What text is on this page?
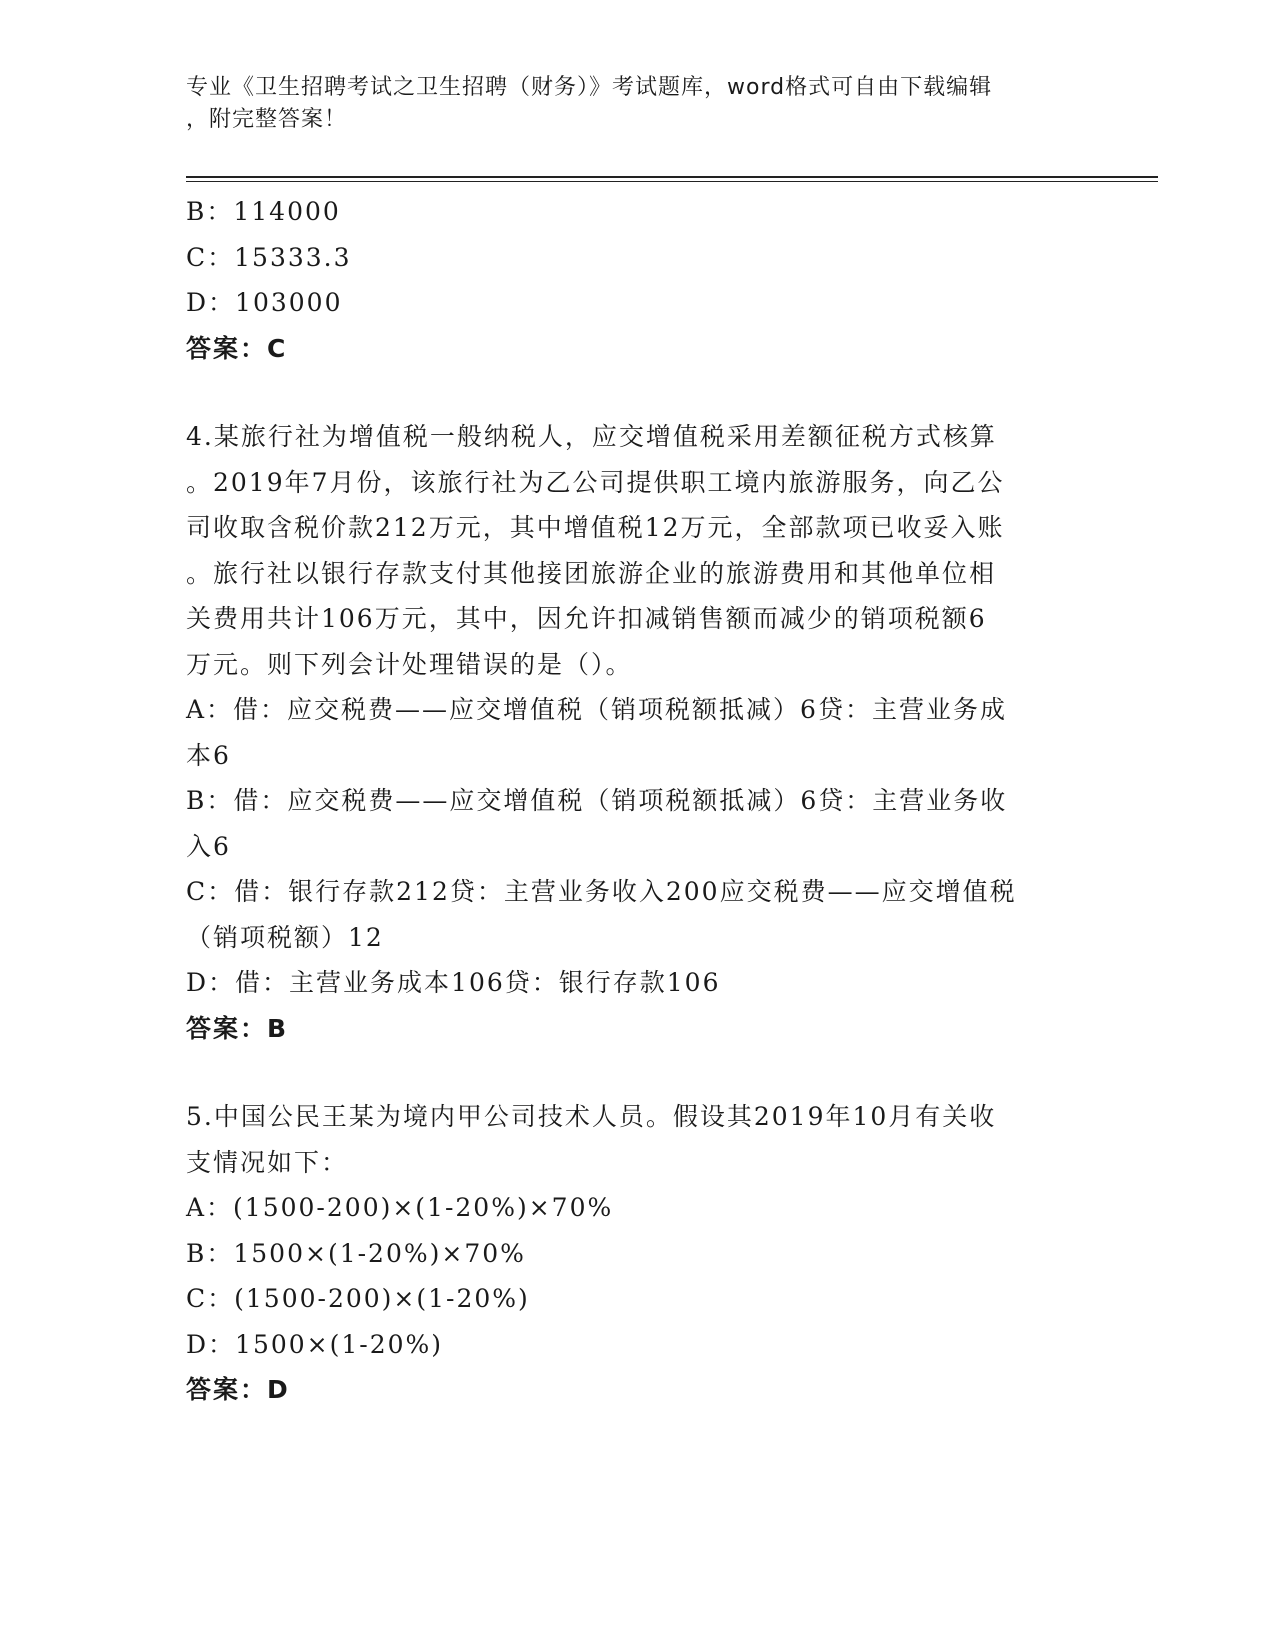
专业《卫生招聘考试之卫生招聘（财务）》考试题库，word格式可自由下载编辑
，附完整答案！
B：114000
C：15333.3
D：103000
答案：C
4.某旅行社为增值税一般纳税人，应交增值税采用差额征税方式核算
。2019年7月份，该旅行社为乙公司提供职工境内旅游服务，向乙公
司收取含税价款212万元，其中增值税12万元，全部款项已收妥入账
。旅行社以银行存款支付其他接团旅游企业的旅游费用和其他单位相
关费用共计106万元，其中，因允许扣减销售额而减少的销项税额6
万元。则下列会计处理错误的是（）。
A：借：应交税费——应交增值税（销项税额抵减）6贷：主营业务成
本6
B：借：应交税费——应交增值税（销项税额抵减）6贷：主营业务收
入6
C：借：银行存款212贷：主营业务收入200应交税费——应交增值税
（销项税额）12
D：借：主营业务成本106贷：银行存款106
答案：B
5.中国公民王某为境内甲公司技术人员。假设其2019年10月有关收
支情况如下：
A：(1500-200)×(1-20%)×70%
B：1500×(1-20%)×70%
C：(1500-200)×(1-20%)
D：1500×(1-20%)
答案：D
